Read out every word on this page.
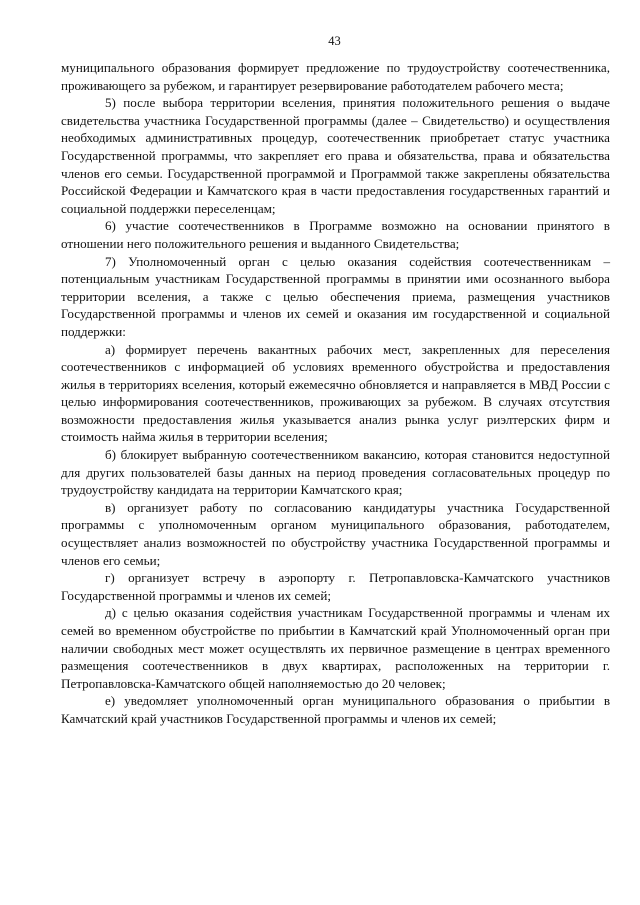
43

муниципального образования формирует предложение по трудоустройству соотечественника, проживающего за рубежом, и гарантирует резервирование работодателем рабочего места;

5) после выбора территории вселения, принятия положительного решения о выдаче свидетельства участника Государственной программы (далее – Свидетельство) и осуществления необходимых административных процедур, соотечественник приобретает статус участника Государственной программы, что закрепляет его права и обязательства, права и обязательства членов его семьи. Государственной программой и Программой также закреплены обязательства Российской Федерации и Камчатского края в части предоставления государственных гарантий и социальной поддержки переселенцам;

6) участие соотечественников в Программе возможно на основании принятого в отношении него положительного решения и выданного Свидетельства;

7) Уполномоченный орган с целью оказания содействия соотечественникам – потенциальным участникам Государственной программы в принятии ими осознанного выбора территории вселения, а также с целью обеспечения приема, размещения участников Государственной программы и членов их семей и оказания им государственной и социальной поддержки:

а) формирует перечень вакантных рабочих мест, закрепленных для переселения соотечественников с информацией об условиях временного обустройства и предоставления жилья в территориях вселения, который ежемесячно обновляется и направляется в МВД России с целью информирования соотечественников, проживающих за рубежом. В случаях отсутствия возможности предоставления жилья указывается анализ рынка услуг риэлтерских фирм и стоимость найма жилья в территории вселения;

б) блокирует выбранную соотечественником вакансию, которая становится недоступной для других пользователей базы данных на период проведения согласовательных процедур по трудоустройству кандидата на территории Камчатского края;

в) организует работу по согласованию кандидатуры участника Государственной программы с уполномоченным органом муниципального образования, работодателем, осуществляет анализ возможностей по обустройству участника Государственной программы и членов его семьи;

г) организует встречу в аэропорту г. Петропавловска-Камчатского участников Государственной программы и членов их семей;

д) с целью оказания содействия участникам Государственной программы и членам их семей во временном обустройстве по прибытии в Камчатский край Уполномоченный орган при наличии свободных мест может осуществлять их первичное размещение в центрах временного размещения соотечественников в двух квартирах, расположенных на территории г. Петропавловска-Камчатского общей наполняемостью до 20 человек;

е) уведомляет уполномоченный орган муниципального образования о прибытии в Камчатский край участников Государственной программы и членов их семей;
